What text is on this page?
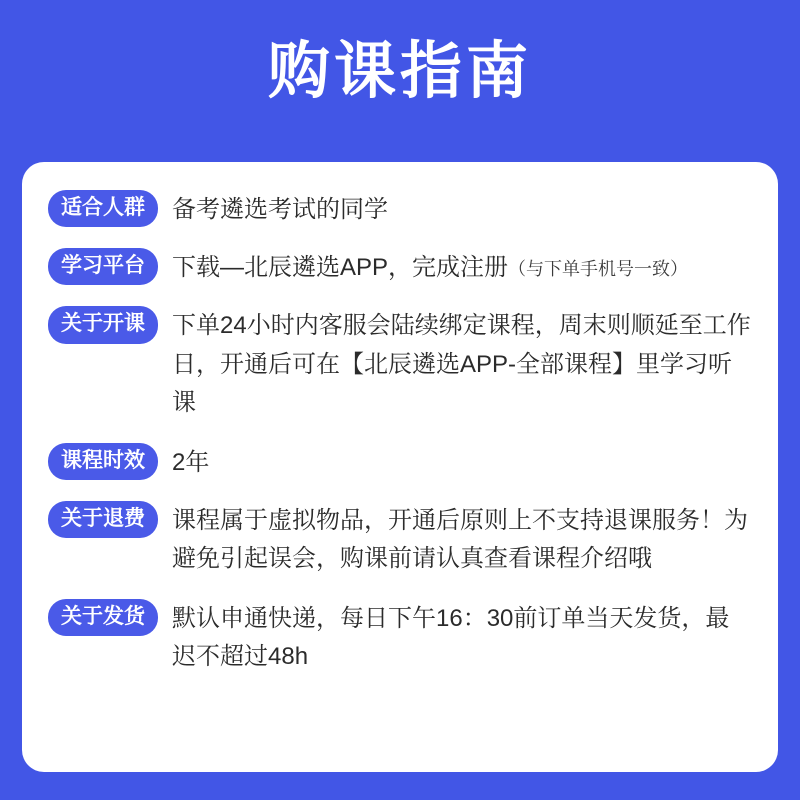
购课指南
适合人群	备考遴选考试的同学
学习平台	下载—北辰遴选APP，完成注册（与下单手机号一致）
关于开课	下单24小时内客服会陆续绑定课程，周末则顺延至工作日，开通后可在【北辰遴选APP-全部课程】里学习听课
课程时效	2年
关于退费	课程属于虚拟物品，开通后原则上不支持退课服务！为避免引起误会，购课前请认真查看课程介绍哦
关于发货	默认申通快递，每日下午16：30前订单当天发货，最迟不超过48h
